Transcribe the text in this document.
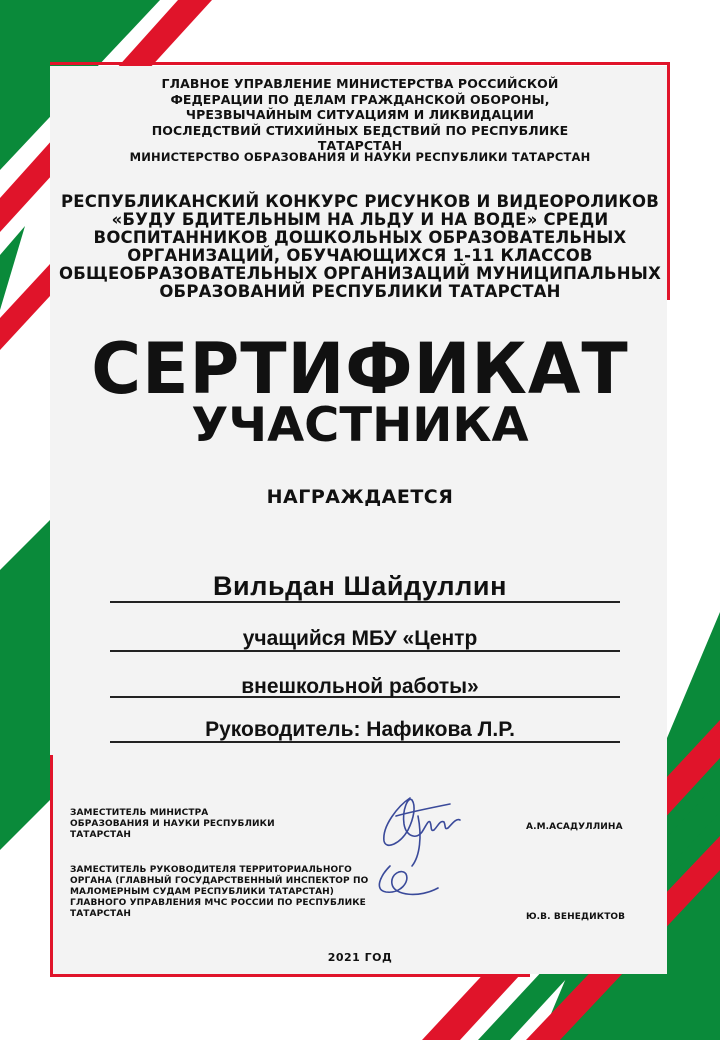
ГЛАВНОЕ УПРАВЛЕНИЕ МИНИСТЕРСТВА РОССИЙСКОЙ ФЕДЕРАЦИИ ПО ДЕЛАМ ГРАЖДАНСКОЙ ОБОРОНЫ, ЧРЕЗВЫЧАЙНЫМ СИТУАЦИЯМ И ЛИКВИДАЦИИ ПОСЛЕДСТВИЙ СТИХИЙНЫХ БЕДСТВИЙ ПО РЕСПУБЛИКЕ ТАТАРСТАН
МИНИСТЕРСТВО ОБРАЗОВАНИЯ И НАУКИ РЕСПУБЛИКИ ТАТАРСТАН
РЕСПУБЛИКАНСКИЙ КОНКУРС РИСУНКОВ И ВИДЕОРОЛИКОВ «БУДУ БДИТЕЛЬНЫМ НА ЛЬДУ И НА ВОДЕ» СРЕДИ ВОСПИТАННИКОВ ДОШКОЛЬНЫХ ОБРАЗОВАТЕЛЬНЫХ ОРГАНИЗАЦИЙ, ОБУЧАЮЩИХСЯ 1-11 КЛАССОВ ОБЩЕОБРАЗОВАТЕЛЬНЫХ ОРГАНИЗАЦИЙ МУНИЦИПАЛЬНЫХ ОБРАЗОВАНИЙ РЕСПУБЛИКИ ТАТАРСТАН
СЕРТИФИКАТ
УЧАСТНИКА
НАГРАЖДАЕТСЯ
Вильдан Шайдуллин
учащийся МБУ «Центр
внешкольной работы»
Руководитель: Нафикова Л.Р.
ЗАМЕСТИТЕЛЬ МИНИСТРА ОБРАЗОВАНИЯ И НАУКИ РЕСПУБЛИКИ ТАТАРСТАН
А.М.АСАДУЛЛИНА
ЗАМЕСТИТЕЛЬ РУКОВОДИТЕЛЯ ТЕРРИТОРИАЛЬНОГО ОРГАНА (ГЛАВНЫЙ ГОСУДАРСТВЕННЫЙ ИНСПЕКТОР ПО МАЛОМЕРНЫМ СУДАМ РЕСПУБЛИКИ ТАТАРСТАН) ГЛАВНОГО УПРАВЛЕНИЯ МЧС РОССИИ ПО РЕСПУБЛИКЕ ТАТАРСТАН	Ю.В. ВЕНЕДИКТОВ
2021 ГОД
